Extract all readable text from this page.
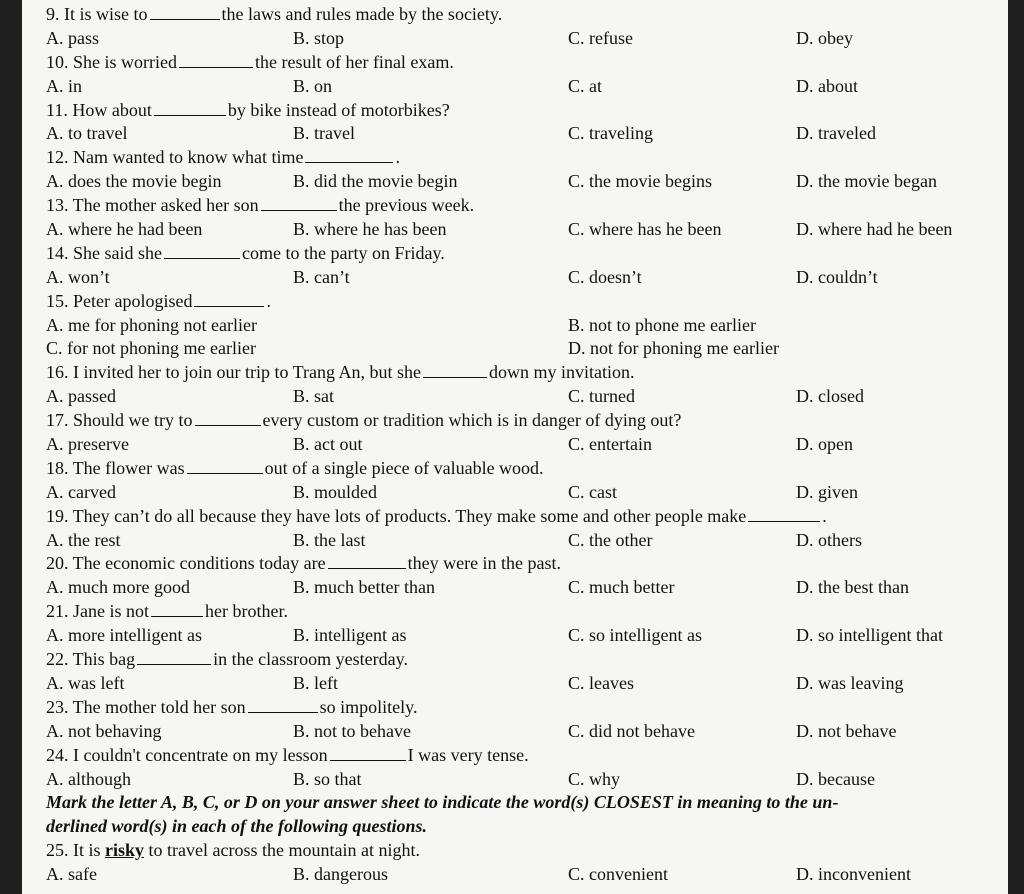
9. It is wise to	the laws and rules made by the society.
A. pass	B. stop	C. refuse	D. obey
10. She is worried	the result of her final exam.
A. in	B. on	C. at	D. about
11. How about	by bike instead of motorbikes?
A. to travel	B. travel	C. traveling	D. traveled
12. Nam wanted to know what time	.
A. does the movie begin	B. did the movie begin	C. the movie begins	D. the movie began
13. The mother asked her son	the previous week.
A. where he had been	B. where he has been	C. where has he been	D. where had he been
14. She said she	come to the party on Friday.
A. won’t	B. can’t	C. doesn’t	D. couldn’t
15. Peter apologised	.
A. me for phoning not earlier	B. not to phone me earlier
C. for not phoning me earlier	D. not for phoning me earlier
16. I invited her to join our trip to Trang An, but she	down my invitation.
A. passed	B. sat	C. turned	D. closed
17. Should we try to	every custom or tradition which is in danger of dying out?
A. preserve	B. act out	C. entertain	D. open
18. The flower was	out of a single piece of valuable wood.
A. carved	B. moulded	C. cast	D. given
19. They can’t do all because they have lots of products. They make some and other people make	.
A. the rest	B. the last	C. the other	D. others
20. The economic conditions today are	they were in the past.
A. much more good	B. much better than	C. much better	D. the best than
21. Jane is not	her brother.
A. more intelligent as	B. intelligent as	C. so intelligent as	D. so intelligent that
22. This bag	in the classroom yesterday.
A. was left	B. left	C. leaves	D. was leaving
23. The mother told her son	so impolitely.
A. not behaving	B. not to behave	C. did not behave	D. not behave
24. I couldn't concentrate on my lesson	I was very tense.
A. although	B. so that	C. why	D. because
Mark the letter A, B, C, or D on your answer sheet to indicate the word(s) CLOSEST in meaning to the un-
derlined word(s) in each of the following questions.
25. It is risky to travel across the mountain at night.
A. safe	B. dangerous	C. convenient	D. inconvenient
